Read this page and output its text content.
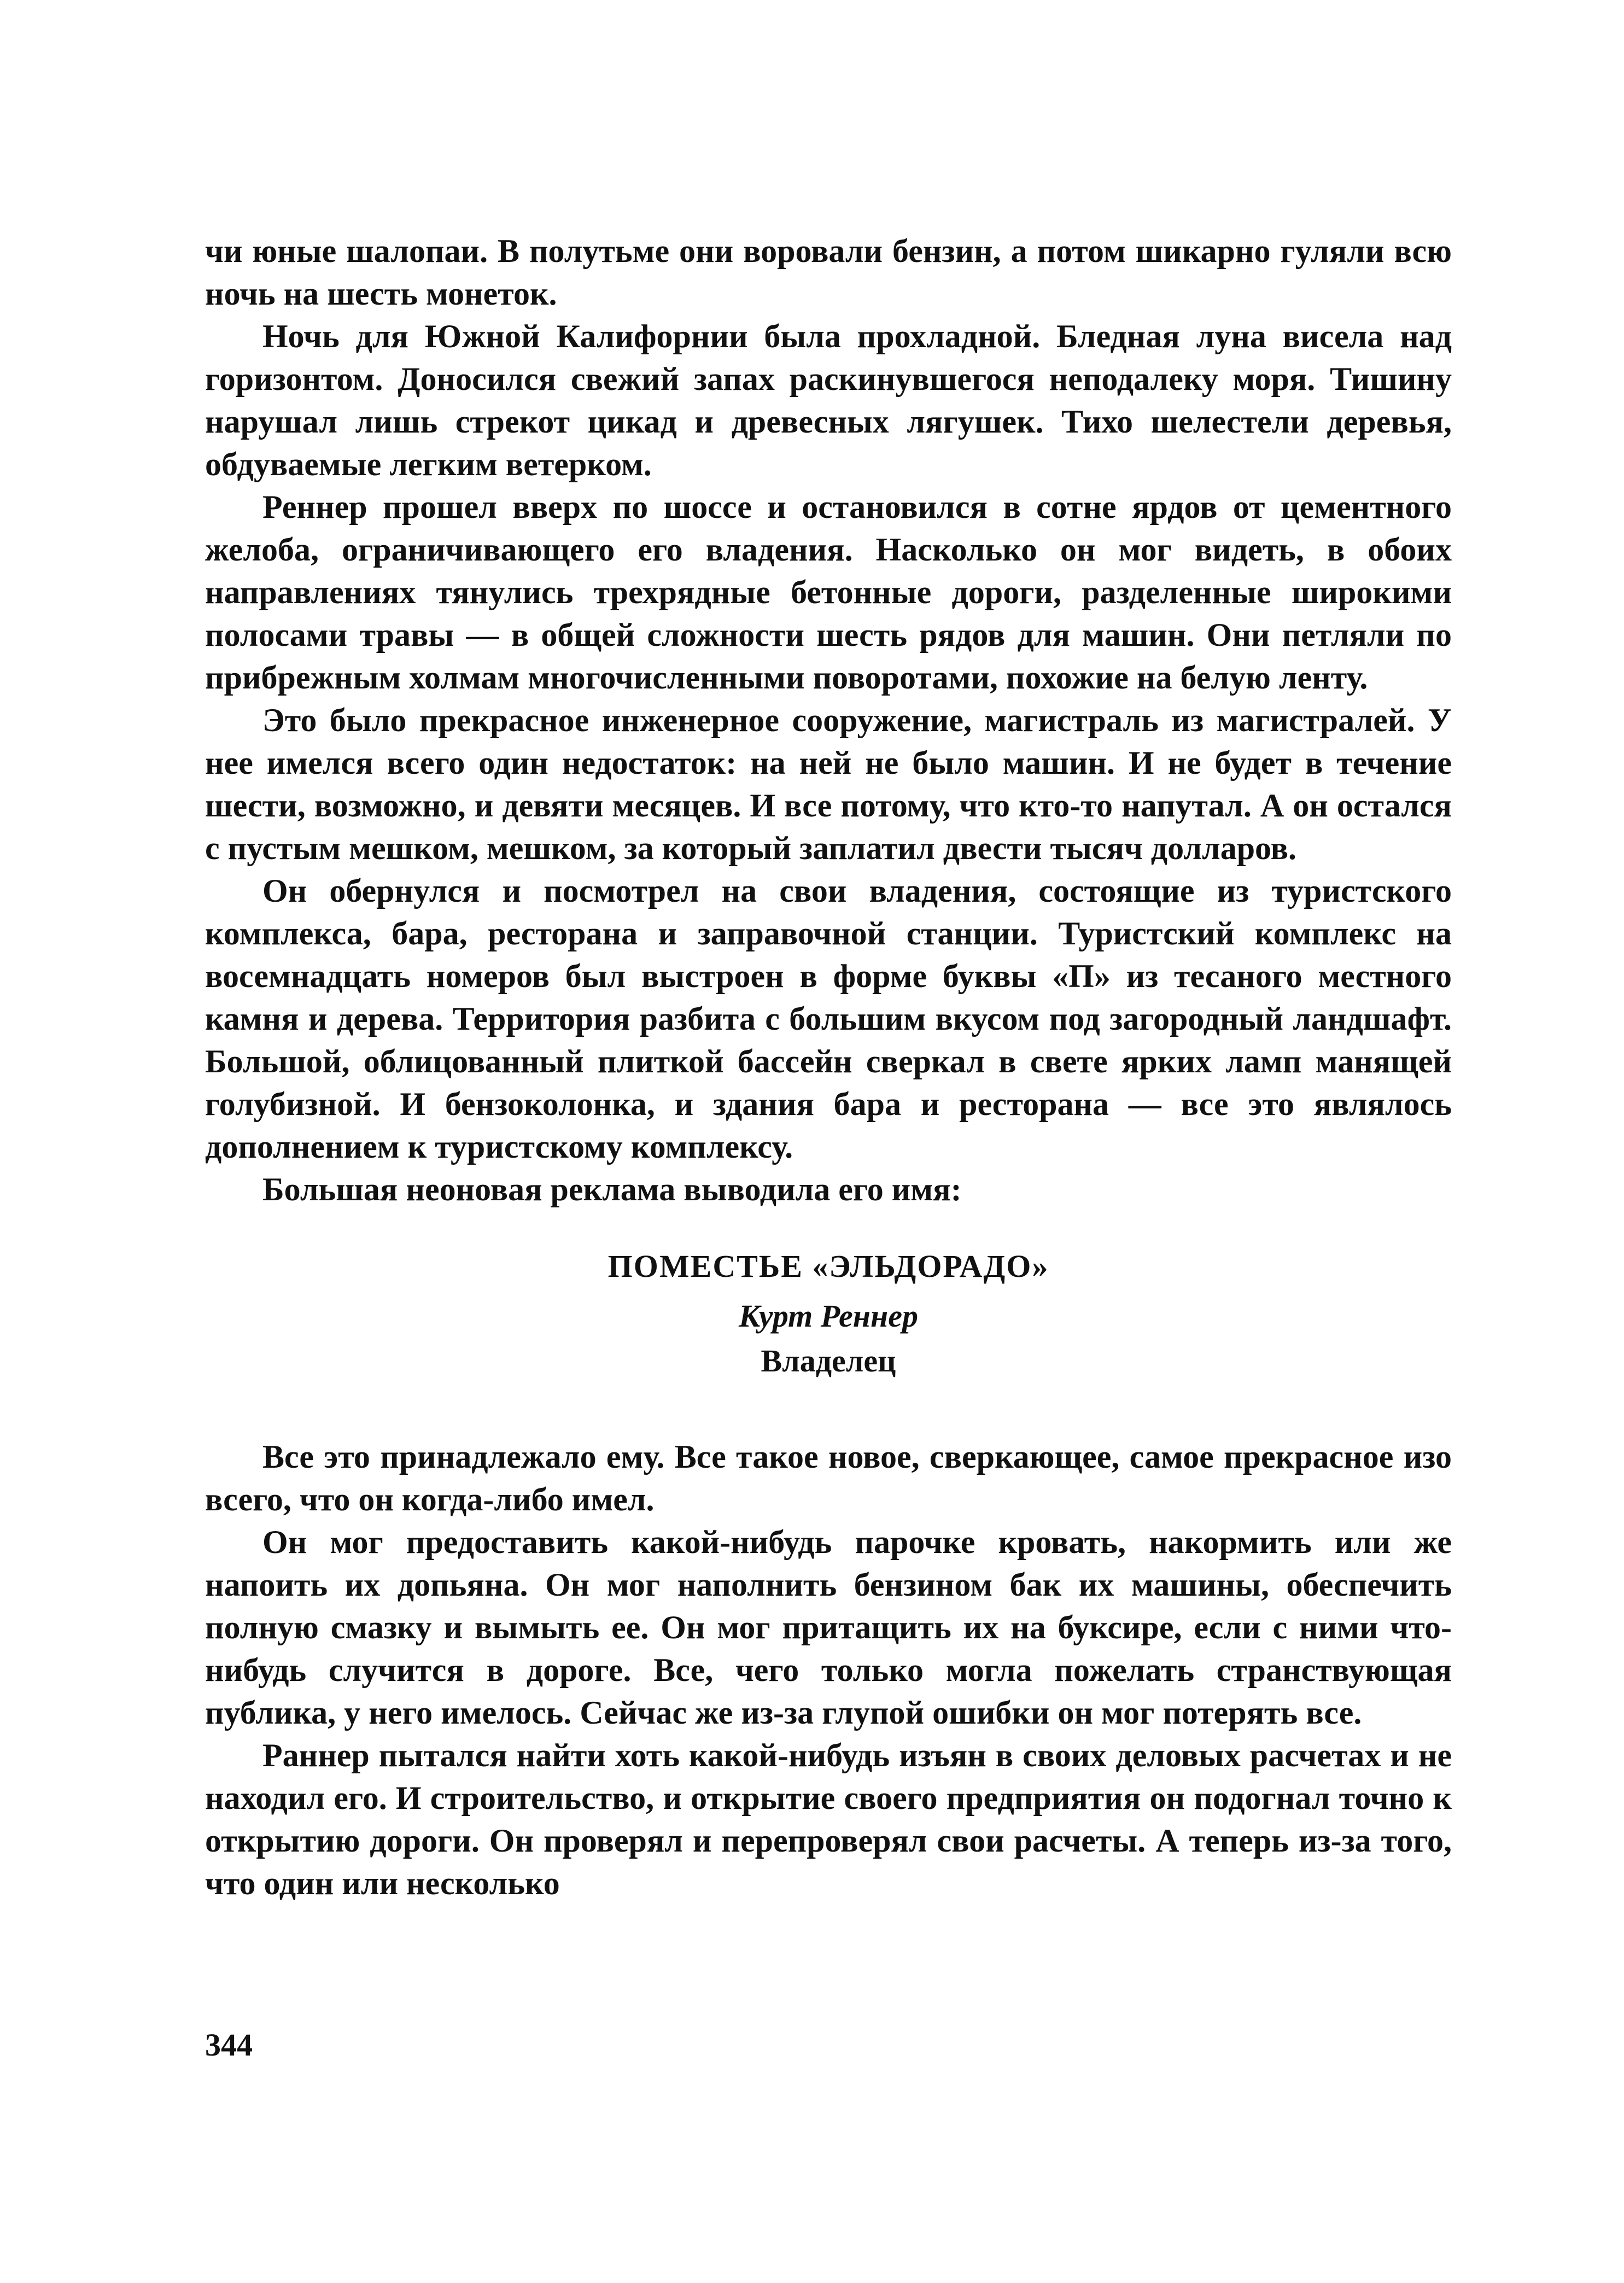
чи юные шалопаи. В полутьме они воровали бензин, а потом шикарно гуляли всю ночь на шесть монеток.

Ночь для Южной Калифорнии была прохладной. Бледная луна висела над горизонтом. Доносился свежий запах раскинувшегося неподалеку моря. Тишину нарушал лишь стрекот цикад и древесных лягушек. Тихо шелестели деревья, обдуваемые легким ветерком.

Реннер прошел вверх по шоссе и остановился в сотне ярдов от цементного желоба, ограничивающего его владения. Насколько он мог видеть, в обоих направлениях тянулись трехрядные бетонные дороги, разделенные широкими полосами травы — в общей сложности шесть рядов для машин. Они петляли по прибрежным холмам многочисленными поворотами, похожие на белую ленту.

Это было прекрасное инженерное сооружение, магистраль из магистралей. У нее имелся всего один недостаток: на ней не было машин. И не будет в течение шести, возможно, и девяти месяцев. И все потому, что кто-то напутал. А он остался с пустым мешком, мешком, за который заплатил двести тысяч долларов.

Он обернулся и посмотрел на свои владения, состоящие из туристского комплекса, бара, ресторана и заправочной станции. Туристский комплекс на восемнадцать номеров был выстроен в форме буквы «П» из тесаного местного камня и дерева. Территория разбита с большим вкусом под загородный ландшафт. Большой, облицованный плиткой бассейн сверкал в свете ярких ламп манящей голубизной. И бензоколонка, и здания бара и ресторана — все это являлось дополнением к туристскому комплексу.

Большая неоновая реклама выводила его имя:

ПОМЕСТЬЕ «ЭЛЬДОРАДО»
Курт Реннер
Владелец

Все это принадлежало ему. Все такое новое, сверкающее, самое прекрасное изо всего, что он когда-либо имел.

Он мог предоставить какой-нибудь парочке кровать, накормить или же напоить их допьяна. Он мог наполнить бензином бак их машины, обеспечить полную смазку и вымыть ее. Он мог притащить их на буксире, если с ними что-нибудь случится в дороге. Все, чего только могла пожелать странствующая публика, у него имелось. Сейчас же из-за глупой ошибки он мог потерять все.

Раннер пытался найти хоть какой-нибудь изъян в своих деловых расчетах и не находил его. И строительство, и открытие своего предприятия он подогнал точно к открытию дороги. Он проверял и перепроверял свои расчеты. А теперь из-за того, что один или несколько

344
